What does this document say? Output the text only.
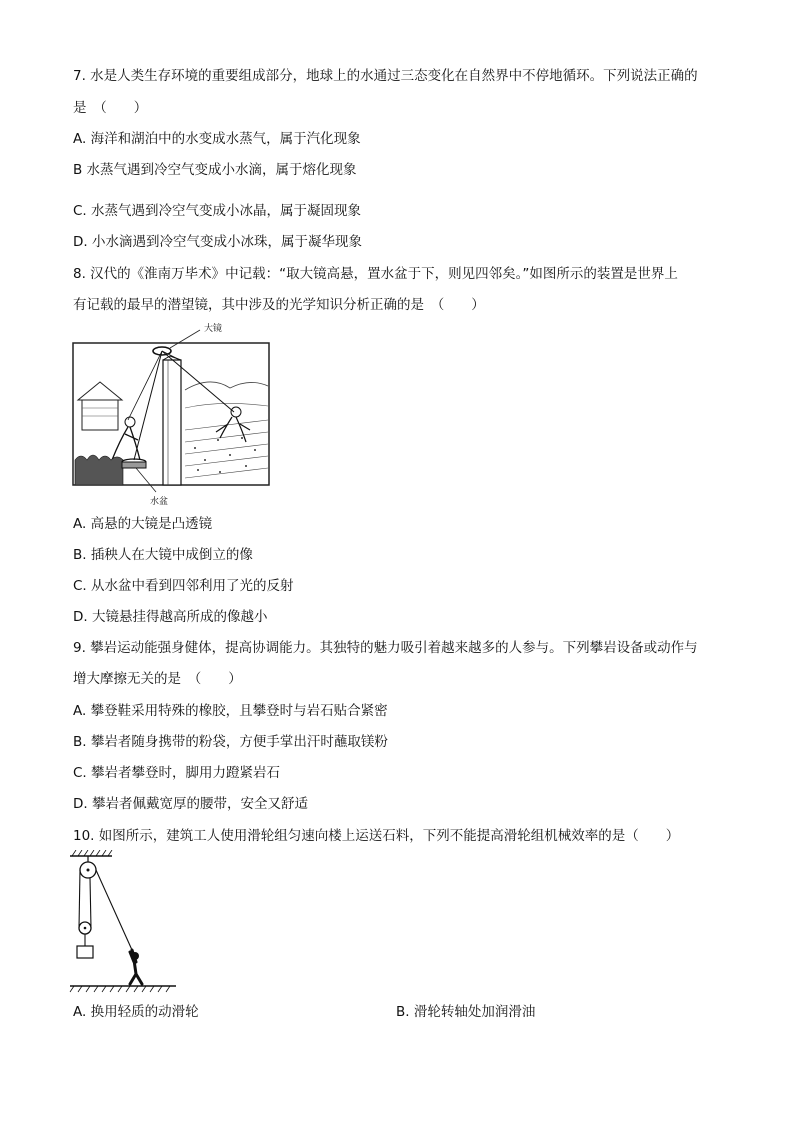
7. 水是人类生存环境的重要组成部分，地球上的水通过三态变化在自然界中不停地循环。下列说法正确的
是　（　　）
A. 海洋和湖泊中的水变成水蒸气，属于汽化现象
B 水蒸气遇到冷空气变成小水滴，属于熔化现象
C. 水蒸气遇到冷空气变成小冰晶，属于凝固现象
D. 小水滴遇到冷空气变成小冰珠，属于凝华现象
8. 汉代的《淮南万毕术》中记载：“取大镜高悬，置水盆于下，则见四邻矣。”如图所示的装置是世界上
有记载的最早的潜望镜，其中涉及的光学知识分析正确的是　（　　）
大镜
水盆
A. 高悬的大镜是凸透镜
B. 插秧人在大镜中成倒立的像
C. 从水盆中看到四邻利用了光的反射
D. 大镜悬挂得越高所成的像越小
9. 攀岩运动能强身健体，提高协调能力。其独特的魅力吸引着越来越多的人参与。下列攀岩设备或动作与
增大摩擦无关的是　（　　）
A. 攀登鞋采用特殊的橡胶，且攀登时与岩石贴合紧密
B. 攀岩者随身携带的粉袋，方便手掌出汗时蘸取镁粉
C. 攀岩者攀登时，脚用力蹬紧岩石
D. 攀岩者佩戴宽厚的腰带，安全又舒适
10. 如图所示，建筑工人使用滑轮组匀速向楼上运送石料，下列不能提高滑轮组机械效率的是（　　）
A. 换用轻质的动滑轮	B. 滑轮转轴处加润滑油
